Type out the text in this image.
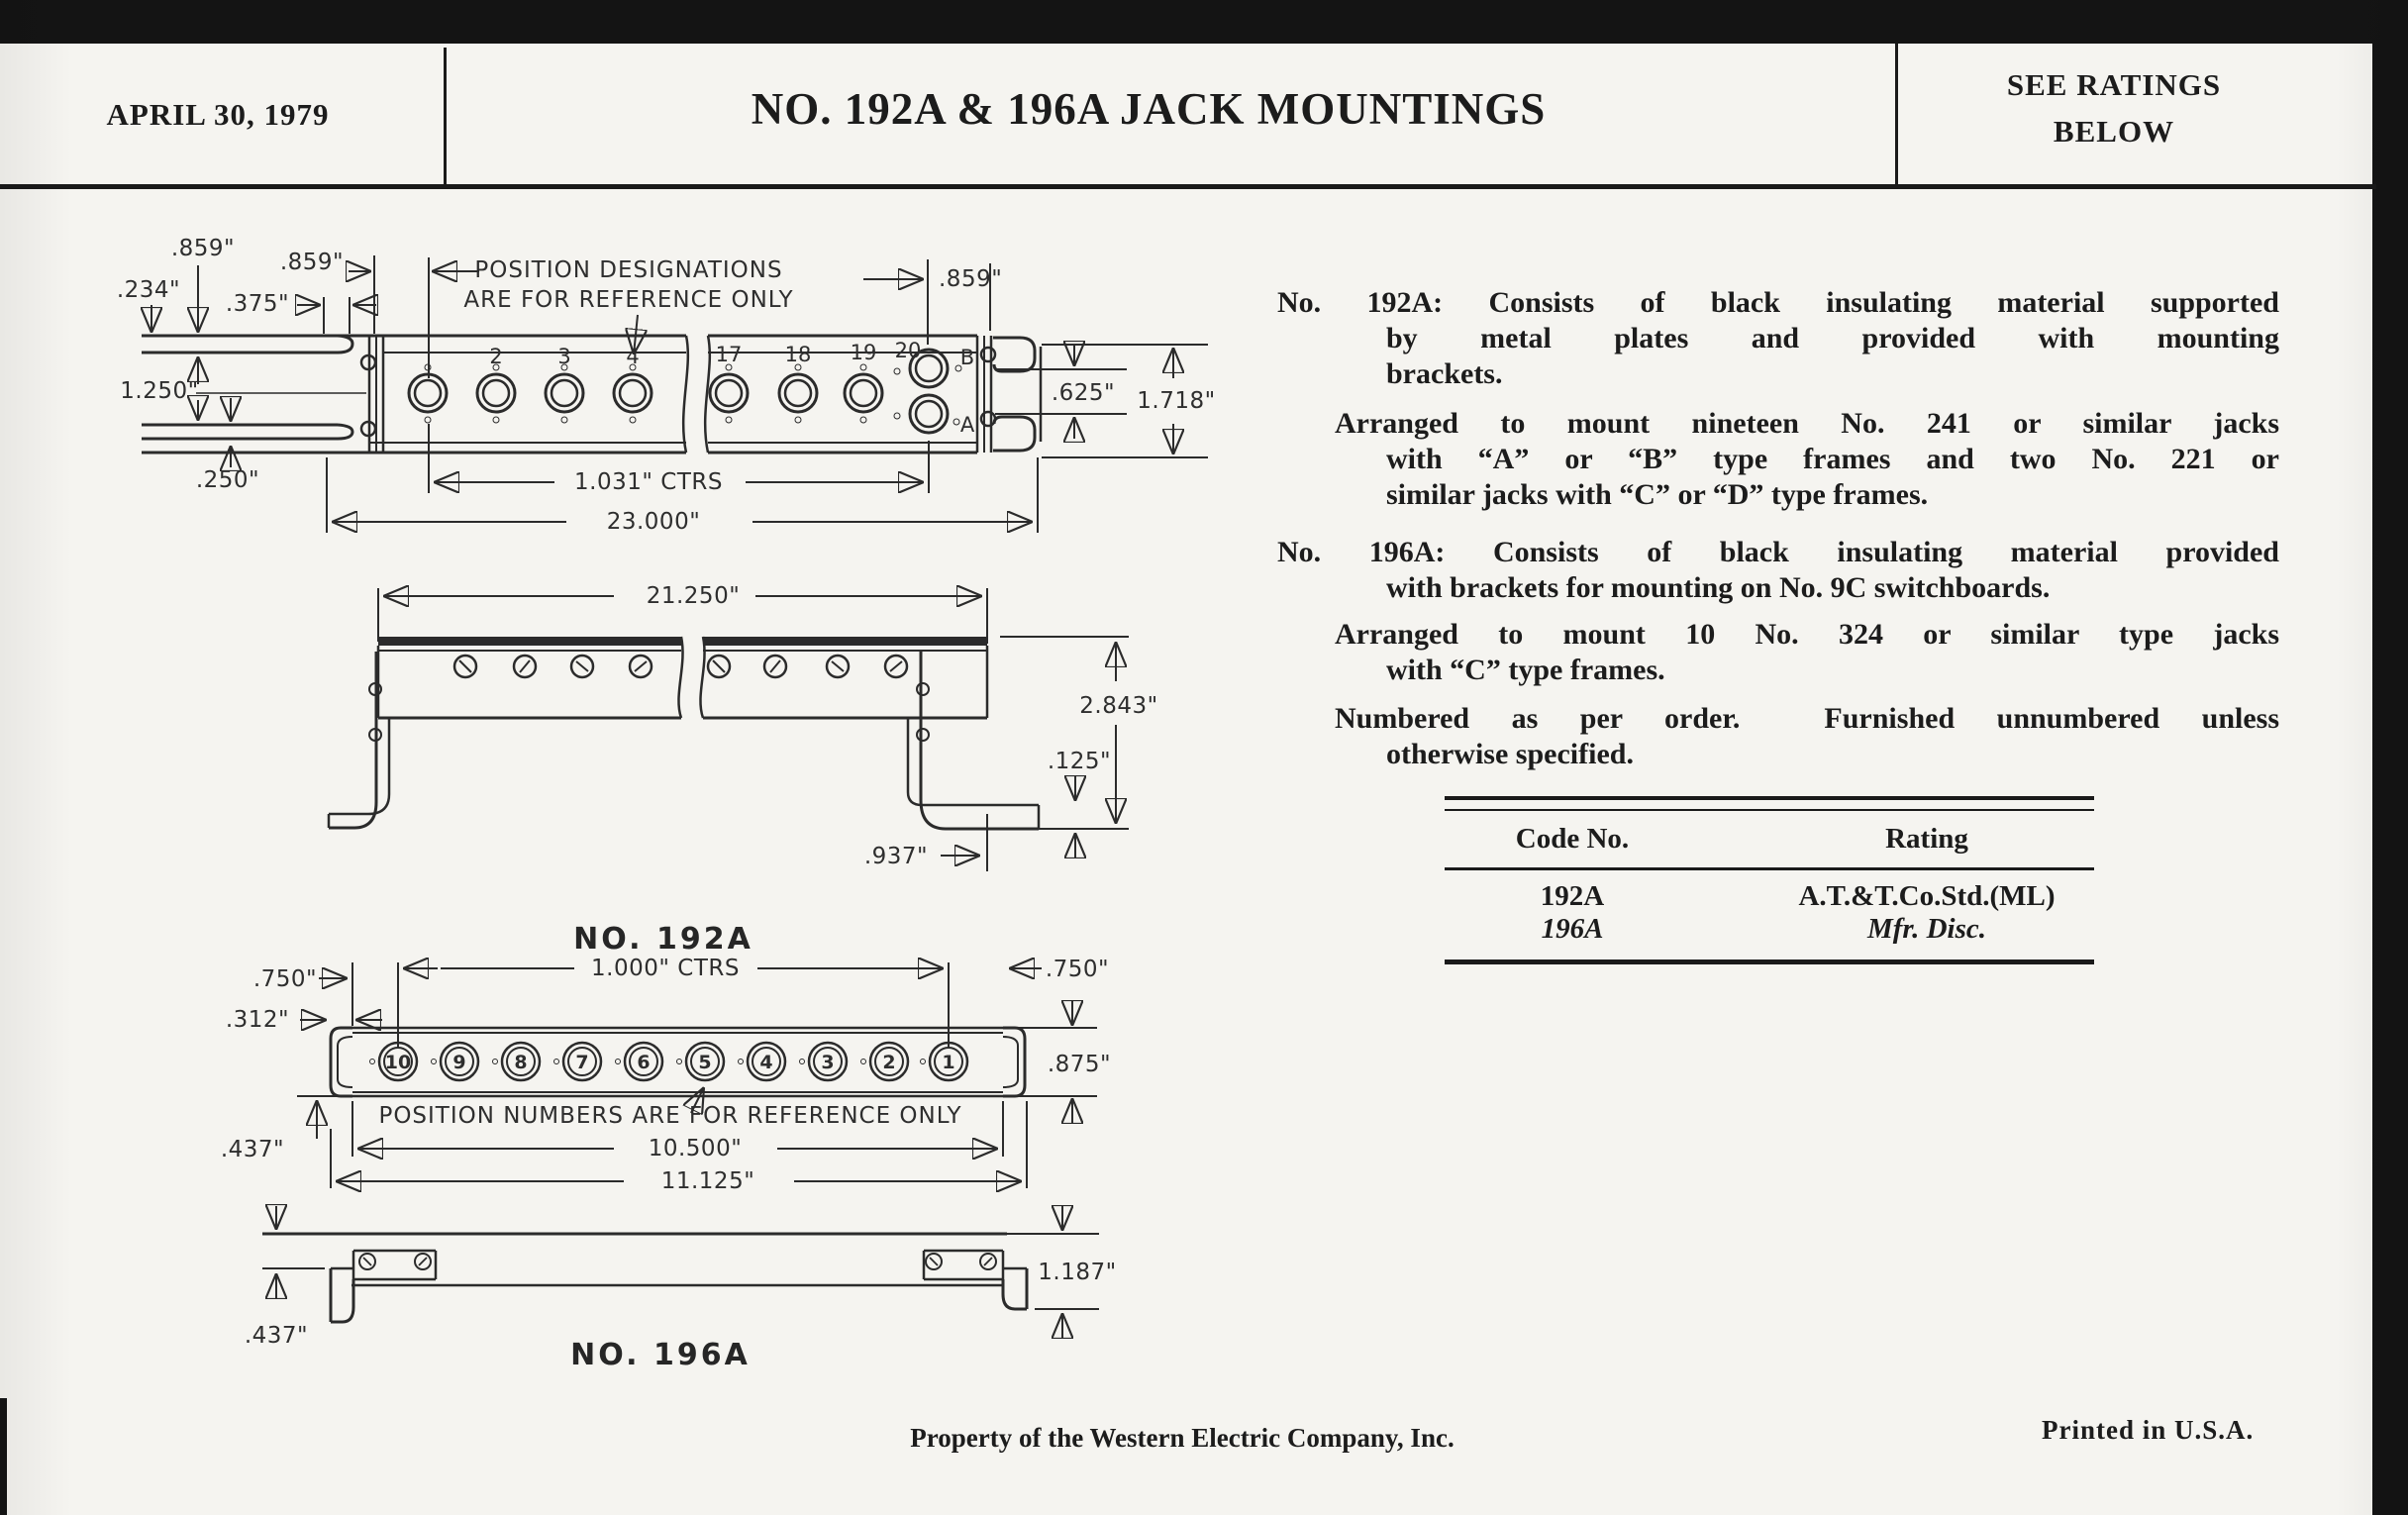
APRIL 30, 1979	NO. 192A & 196A JACK MOUNTINGS	SEE RATINGS
BELOW
2	3	4	17 18 19 20 B
A
POSITION DESIGNATIONS
ARE FOR REFERENCE ONLY
.859"
.234"
.859"
.375"
1.250"
.250"
.859"
.625" 1.718"
1.031" CTRS
23.000"
21.250"
2.843"
.125"
.937"
NO. 192A
10 9	8	7	6	5	4	3	2 1
.750"	1.000" CTRS	.750"
.312"
.875"
POSITION NUMBERS ARE FOR REFERENCE ONLY
.437"	10.500"
11.125"
1.187"
.437"
NO. 196A
No. 192A: Consists of black insulating material supported
by metal plates and provided with mounting
brackets.
Arranged to mount nineteen No. 241 or similar jacks
with “A” or “B” type frames and two No. 221 or
similar jacks with “C” or “D” type frames.
No. 196A: Consists of black insulating material provided
with brackets for mounting on No. 9C switchboards.
Arranged to mount 10 No. 324 or similar type jacks
with “C” type frames.
Numbered as per order.  Furnished unnumbered unless
otherwise specified.
Code No.	Rating
192A	A.T.&T.Co.Std.(ML)
196A	Mfr. Disc.
Property of the Western Electric Company, Inc.	Printed in U.S.A.
